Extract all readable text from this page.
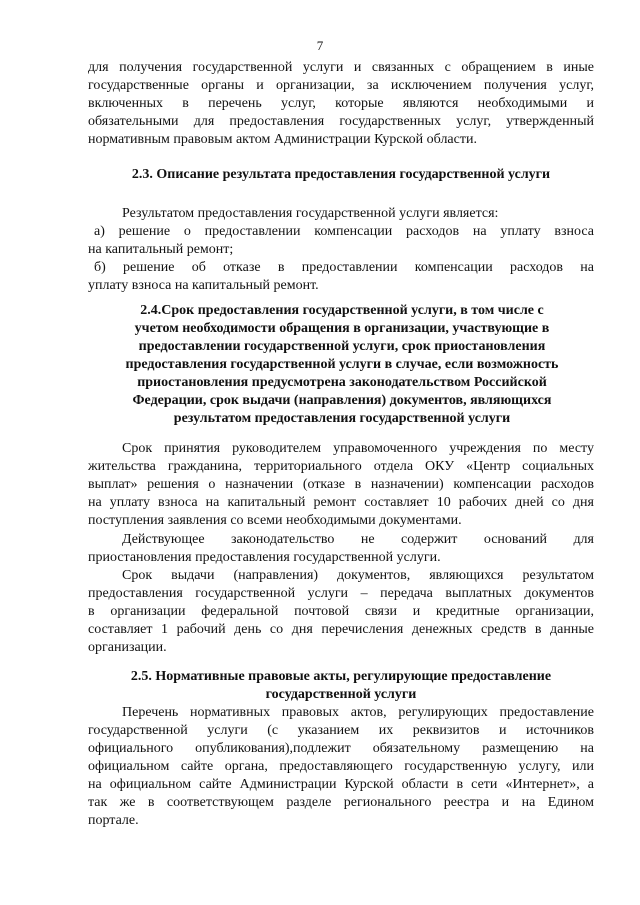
7

для получения государственной услуги и связанных с обращением в иные

государственные органы и организации, за исключением получения услуг,

включенных в перечень услуг, которые являются необходимыми и

обязательными для предоставления государственных услуг, утвержденный

нормативным правовым актом Администрации Курской области.

2.3. Описание результата предоставления государственной услуги

Результатом предоставления государственной услуги является:

а) решение о предоставлении компенсации расходов на уплату взноса

на капитальный ремонт;

б) решение об отказе в предоставлении компенсации расходов на

уплату взноса на капитальный ремонт.

2.4.Срок предоставления государственной услуги, в том числе с

учетом необходимости обращения в организации, участвующие в

предоставлении государственной услуги, срок приостановления

предоставления государственной услуги в случае, если возможность

приостановления предусмотрена законодательством Российской

Федерации, срок выдачи (направления) документов, являющихся

результатом предоставления государственной услуги

Срок принятия руководителем управомоченного учреждения по месту

жительства гражданина, территориального отдела ОКУ «Центр социальных

выплат» решения о назначении (отказе в назначении) компенсации расходов

на уплату взноса на капитальный ремонт составляет 10 рабочих дней со дня

поступления заявления со всеми необходимыми документами.

Действующее законодательство не содержит оснований для

приостановления предоставления государственной услуги.

Срок выдачи (направления) документов, являющихся результатом

предоставления государственной услуги – передача выплатных документов

в организации федеральной почтовой связи и кредитные организации,

составляет 1 рабочий день со дня перечисления денежных средств в данные

организации.

2.5. Нормативные правовые акты, регулирующие предоставление

государственной услуги

Перечень нормативных правовых актов, регулирующих предоставление

государственной услуги (с указанием их реквизитов и источников

официального опубликования),подлежит обязательному размещению на

официальном сайте органа, предоставляющего государственную услугу, или

на официальном сайте Администрации Курской области в сети «Интернет», а

так же в соответствующем разделе регионального реестра и на Едином

портале.
